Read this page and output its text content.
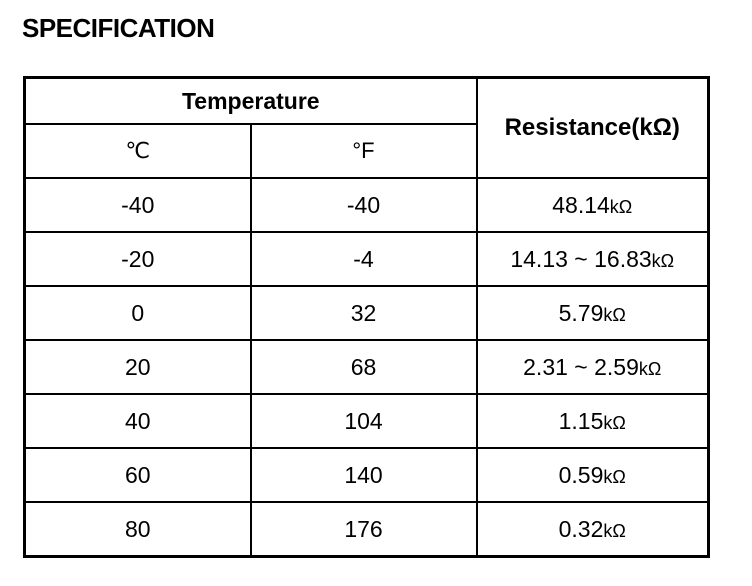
SPECIFICATION
Temperature		Resistance(kΩ)
℃	°F	
-40	-40	48.14kΩ
-20	-4	14.13 ~ 16.83kΩ
0	32	5.79kΩ
20	68	2.31 ~ 2.59kΩ
40	104	1.15kΩ
60	140	0.59kΩ
80	176	0.32kΩ
